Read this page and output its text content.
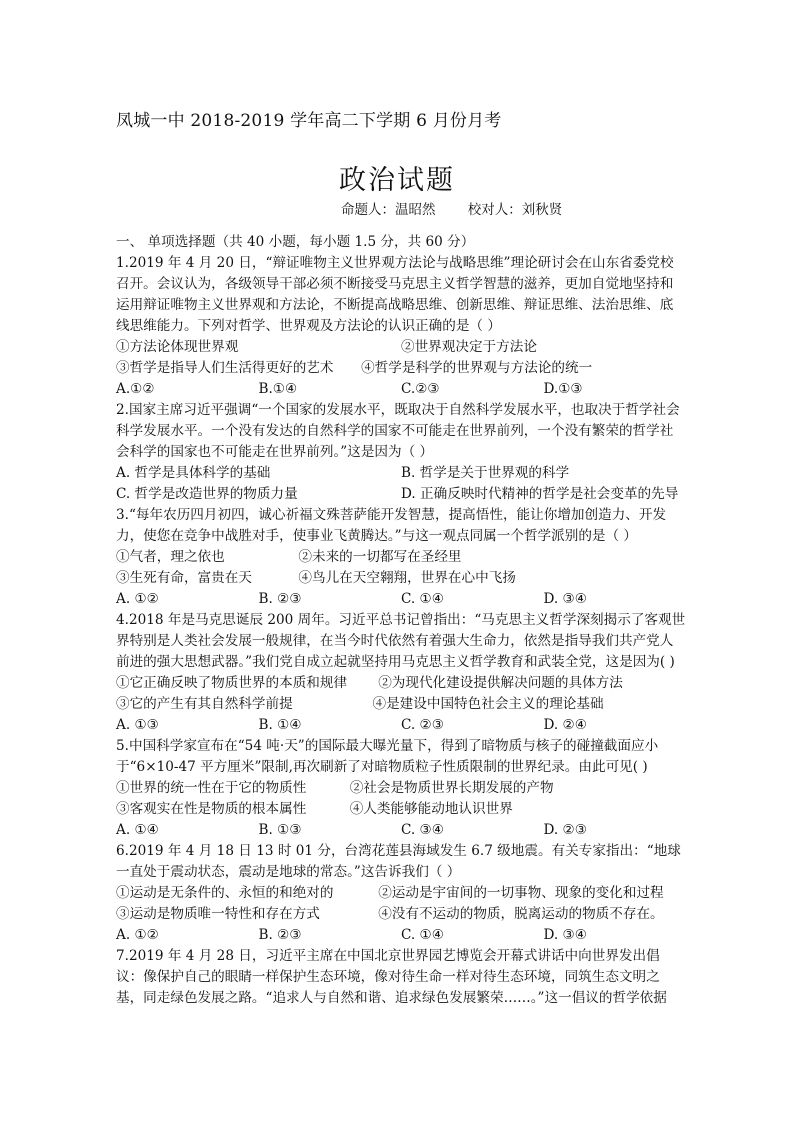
凤城一中 2018-2019 学年高二下学期 6 月份月考
政治试题
命题人：温昭然 校对人：刘秋贤
一、 单项选择题（共 40 小题，每小题 1.5 分，共 60 分）
1.2019 年 4 月 20 日，“辩证唯物主义世界观方法论与战略思维”理论研讨会在山东省委党校召开。会议认为，各级领导干部必须不断接受马克思主义哲学智慧的滋养，更加自觉地坚持和运用辩证唯物主义世界观和方法论，不断提高战略思维、创新思维、辩证思维、法治思维、底线思维能力。下列对哲学、世界观及方法论的认识正确的是（ ）
①方法论体现世界观	②世界观决定于方法论
③哲学是指导人们生活得更好的艺术	④哲学是科学的世界观与方法论的统一
A.①②	B.①④	C.②③	D.①③
2.国家主席习近平强调“一个国家的发展水平，既取决于自然科学发展水平，也取决于哲学社会科学发展水平。一个没有发达的自然科学的国家不可能走在世界前列，一个没有繁荣的哲学社会科学的国家也不可能走在世界前列。”这是因为（ ）
A. 哲学是具体科学的基础	B. 哲学是关于世界观的科学
C. 哲学是改造世界的物质力量	D. 正确反映时代精神的哲学是社会变革的先导
3.“每年农历四月初四，诚心祈福文殊菩萨能开发智慧，提高悟性，能让你增加创造力、开发力，使您在竞争中战胜对手，使事业飞黄腾达。”与这一观点同属一个哲学派别的是（ ）
①气者，理之依也	②未来的一切都写在圣经里
③生死有命，富贵在天	④鸟儿在天空翱翔，世界在心中飞扬
A. ①②	B. ②③	C. ①④	D. ③④
4.2018 年是马克思诞辰 200 周年。习近平总书记曾指出：“马克思主义哲学深刻揭示了客观世界特别是人类社会发展一般规律，在当今时代依然有着强大生命力，依然是指导我们共产党人前进的强大思想武器。”我们党自成立起就坚持用马克思主义哲学教育和武装全党，这是因为( )
①它正确反映了物质世界的本质和规律	②为现代化建设提供解决问题的具体方法
③它的产生有其自然科学前提	④是建设中国特色社会主义的理论基础
A. ①③	B. ①④	C. ②③	D. ②④
5.中国科学家宣布在“54 吨·天”的国际最大曝光量下，得到了暗物质与核子的碰撞截面应小于“6×10-47 平方厘米”限制,再次刷新了对暗物质粒子性质限制的世界纪录。由此可见( )
①世界的统一性在于它的物质性	②社会是物质世界长期发展的产物
③客观实在性是物质的根本属性	④人类能够能动地认识世界
A. ①④	B. ①③	C. ③④	D. ②③
6.2019 年 4 月 18 日 13 时 01 分，台湾花莲县海域发生 6.7 级地震。有关专家指出：“地球一直处于震动状态，震动是地球的常态。”这告诉我们（ ）
①运动是无条件的、永恒的和绝对的	②运动是宇宙间的一切事物、现象的变化和过程
③运动是物质唯一特性和存在方式	④没有不运动的物质，脱离运动的物质不存在。
A. ①②	B. ②③	C. ①④	D. ③④
7.2019 年 4 月 28 日，习近平主席在中国北京世界园艺博览会开幕式讲话中向世界发出倡议：像保护自己的眼睛一样保护生态环境，像对待生命一样对待生态环境，同筑生态文明之基，同走绿色发展之路。“追求人与自然和谐、追求绿色发展繁荣……。”这一倡议的哲学依据
